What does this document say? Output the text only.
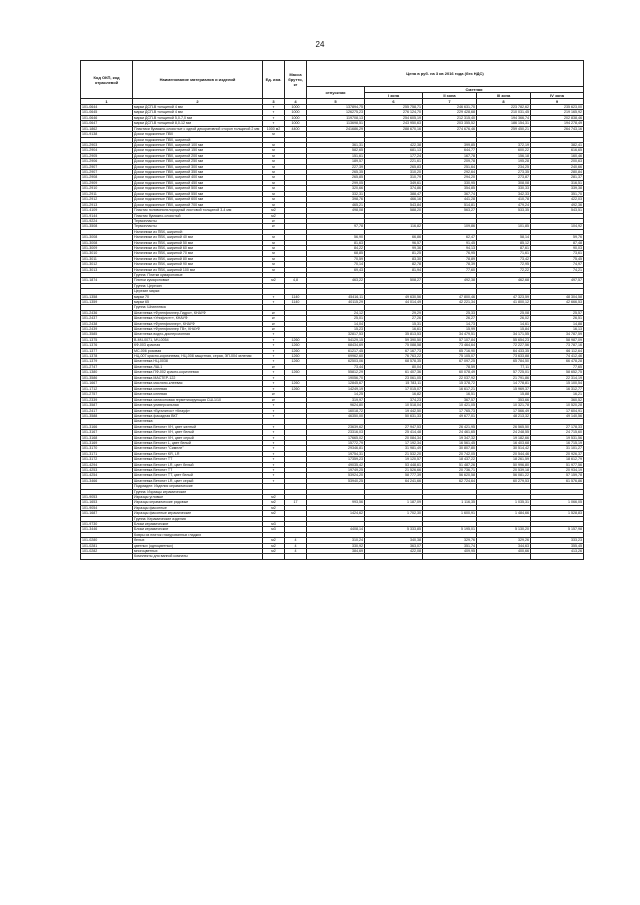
24
Код ОКП, код отраслевой	Наименование материалов и изделий	Ед. изм.	Масса брутто, кг	Цена в руб. на 3 кв 2016 года (без НДС)				
				отпускная	Сметная			
					I зона	II зона	III зона	IV зона
1	2	3	4	5	6	7	8	9
101-0644	марки ДСП-В толщиной 4 мм	т	1000	137894,75	255 758,71	246 631,70	223 782,62	235 623,00
101-0645	марки ДСП-В толщиной 4 мм	т	1000	126275,23	276 124,70	229 428,68	210 031,45	219 165,92
101-0646	марки ДСП-В толщиной 5,0-7,0 мм	т	1000	119708,13	254 605,19	212 315,40	194 366,74	202 838,46
101-0647	марки ДСП-В толщиной 8,0-12 мм	т	1000	113698,51	243 950,63	203 355,52	186 154,31	194 278,49
101-1862	Пластики бумажно-слоистые с одной декоративной сторон толщиной 2 мм	1000 м2	4400	241686,29	288 670,16	274 676,46	259 450,21	264 743,16
101-9138	Доски подоконные ПВХ	м						
	Доски подоконные ПВХ, шириной:							
101-2903	Доски подоконные ПВХ, шириной 100 мм	м		361,31	422,38	399,85	372,19	382,41
101-2904	Доски подоконные ПВХ, шириной 150 мм	м		582,65	681,13	644,77	600,22	616,65
101-2905	Доски подоконные ПВХ, шириной 200 мм	м		151,61	177,24	167,78	156,18	160,46
101-2906	Доски подоконные ПВХ, шириной 250 мм	м		189,57	221,61	209,78	195,28	200,63
101-2907	Доски подоконные ПВХ, шириной 300 мм	м		227,39	265,83	251,64	234,25	240,66
101-2907	Доски подоконные ПВХ, шириной 350 мм	м		265,35	310,20	292,64	273,35	280,84
101-2908	Доски подоконные ПВХ, шириной 400 мм	м		265,85	310,79	294,20	273,87	281,37
101-2909	Доски подоконные ПВХ, шириной 450 мм	м		299,05	349,61	330,95	308,08	316,51
101-2910	Доски подоконные ПВХ, шириной 500 мм	м		320,66	374,86	354,85	330,33	339,38
101-2911	Доски подоконные ПВХ, шириной 550 мм	м		332,31	388,47	367,74	342,33	351,70
101-2912	Доски подоконные ПВХ, шириной 600 мм	м		398,76	466,16	441,28	410,78	422,03
101-2913	Доски подоконные ПВХ, шириной 700 мм	м		465,21	543,84	514,81	479,24	492,36
101-4109	Пластик поливинилхлоридный листовой толщиной 3-4 мм	м2		498,08	588,20	563,27	533,35	543,51
101-9144	Пластик бумажно-слоистый	м2						
101-9224	Термопласты	кг						
101-3508	Термопласты	кг		97,78	116,82	109,86	101,85	104,92
	Наличники из ПВХ, шириной:							
101-3008	Наличники из ПВХ, шириной 40 мм	м		56,90	66,86	62,47	58,14	59,76
101-3008	Наличники из ПВХ, шириной 50 мм	м		81,63	96,57	91,45	85,12	87,48
101-3009	Наличники из ПВХ, шириной 60 мм	м		84,22	99,36	94,13	87,61	90,03
101-3010	Наличники из ПВХ, шириной 70 мм	м		68,85	81,25	76,95	71,61	73,61
101-3011	Наличники из ПВХ, шириной 80 мм	м		70,59	83,30	78,89	73,42	75,45
101-3012	Наличники из ПВХ, шириной 90 мм	м		70,14	82,78	78,39	72,95	74,97
101-3013	Наличники из ПВХ, шириной 100 мм	м		69,43	81,94	77,60	72,22	74,21
	Группа: Плитки кумароновые							
101-1874	Плитки кумароновые	м2	4,8	463,22	508,27	492,38	462,68	497,57
	Группа: Церезин							
	Церезин марки:							
101-1358	марки 70	т	1140	45416,11	49 630,56	47 800,46	47 323,59	48 304,58
101-1359	марки 65	т	1140	40115,29	44 014,49	42 221,34	41 800,12	42 666,53
	Группа: Шпатлевка							
101-2436	Шпатлевка «Фугенфюллер-Гидро», КНАУФ	кг		24,12	29,29	25,33	25,08	25,57
101-2437	Шпатлевка «Унифлотт», КНАУФ	кг		25,01	27,26	26,27	26,02	26,51
101-2438	Шпатлевка «Фугенфюллер», КНАУФ	кг		14,04	15,31	14,73	14,61	14,88
101-2439	Шпатлевка «Фугенфюллер ГВ», КНАУФ	кг		15,23	16,61	15,99	15,84	16,13
101-3585	Шпатлевка водно-дисперсионная	т		32817,53	35 813,53	34 479,51	34 171,55	34 787,59
101-1375	В-МЧ-0071, МЧ-0054	т	1260	54129,15	59 390,50	57 107,84	55 654,23	58 987,09
101-1376	КФ-003 красная	т	1260	68434,69	75 088,58	73 464,64	72 227,56	73 787,16
101-1377	МС-006 розовая	т	1260	61217,45	67 167,73	65 716,90	64 433,35	66 112,64
101-1378	НЦ-007 красно-коричневая, НЦ-008 защитная, серая, ЭП-004 зеленая	т	1260	69962,60	76 763,22	75 105,07	73 633,88	74 412,46
101-1379	Шпатлевка НЦ-0038	т	1260	62503,06	68 578,35	67 097,25	65 784,50	66 478,28
101-2747	Шпатлевка ЛШ-1	кг		73,44	80,04	78,59	77,11	77,65
101-1380	Шпатлевка ПФ-002 красно-коричневая	т	1260	55812,29	61 407,36	60 078,49	57 725,01	58 652,75
101-3586	Шпатлевка МАСТЕР-122	т		19056,70	23 061,05	22 037,92	21 791,86	22 314,19
101-1667	Шпатлевка масляно-клеевая	т	1260	12845,67	15 783,11	15 378,72	14 778,81	15 100,54
101-1712	Шпатлевка клеевая	т	1260	14249,19	17 015,07	16 617,21	15 969,37	16 312,77
101-2757	Шпатлевка клеевая	кг		14,25	16,82	16,51	15,88	16,21
101-2339	Шпатлевка силиконовая герметизирующая СШ-1/10	кг		319,97	374,23	367,57	353,66	360,52
101-3587	Шпатлевка универсальная	т		9624,80	10 518,04	10 421,05	10 321,78	10 520,28
101-2417	Шпатлевка «Бугалитос» «Кнауф»	т		16018,72	19 442,50	17 765,73	17 566,49	17 604,91
101-3588	Шпатлевка фасадная ВКТ	т		46350,00	50 631,33	49 677,01	48 213,32	49 140,56
	Шпатлевка:							
101-3166	Шпатлевка Ветонит VH, цвет желтый	т		23639,62	27 947,53	26 421,95	26 565,50	27 178,33
101-3167	Шпатлевка Ветонит VH, цвет белый	т		23316,03	25 414,48	24 461,65	24 248,55	24 715,60
101-3168	Шпатлевка Ветонит VH, цвет серый	т		17665,02	20 084,34	19 347,32	19 182,66	19 531,56
101-3169	Шпатлевка Ветонит L, цвет белый	т		15772,79	17 192,34	16 561,45	16 403,68	16 715,19
101-3170	Шпатлевка Ветонит "Симпле"	т		29346,81	31 981,49	30 807,80	30 514,42	31 101,27
101-3171	Шпатлевка Ветонит KR, LR	т		19754,31	21 532,20	20 742,05	20 544,46	20 926,37
101-3172	Шпатлевка Ветонит ТТ	т		17359,23	19 120,57	18 437,22	18 261,59	18 612,79
101-4294	Шпатлевка Ветонит LR, цвет белый	т		49035,42	53 448,61	51 487,26	50 996,80	51 977,56
101-4253	Шпатлевка Ветонит TT	т		19749,25	21 526,66	20 736,71	20 539,18	20 934,19
101-4254	Шпатлевка Ветонит ТТ, цвет белый	т		53924,20	58 777,39	56 620,58	56 081,22	57 159,78
101-3466	Шпатлевка Ветонит LR, цвет серый	т		53940,25	64 241,66	62 724,64	60 279,53	61 576,86
	Подраздел: Изделия керамические							
	Группа: Изразцы керамические							
101-9053	Изразцы угловые	м2						
101-1653	Изразцы керамические рядовые	м2	17	993,56	1 187,09	1 116,35	1 035,31	1 066,05
101-9054	Изразцы фасонные	м2						
101-1687	Изразцы фасонные керамические	м2		1424,62	1 702,30	1 600,91	1 484,66	1 528,83
	Группа: Керамические изделия							
101-9730	Блоки керамические	м3						
101-3446	Блоки керамические	м3		4408,14	5 333,85	5 195,01	5 130,20	5 157,98
	Ковры из плиток глазурованных гладких							
101-0280	белых	м2	4	310,24	340,38	329,76	329,26	333,23
101-0281	цветных (одноцветных)	м2	4	330,92	363,07	351,74	344,63	355,45
101-0282	многоцветных	м2	4	384,69	422,08	409,95	400,66	413,26
	Комплекты для ванной комнаты							
